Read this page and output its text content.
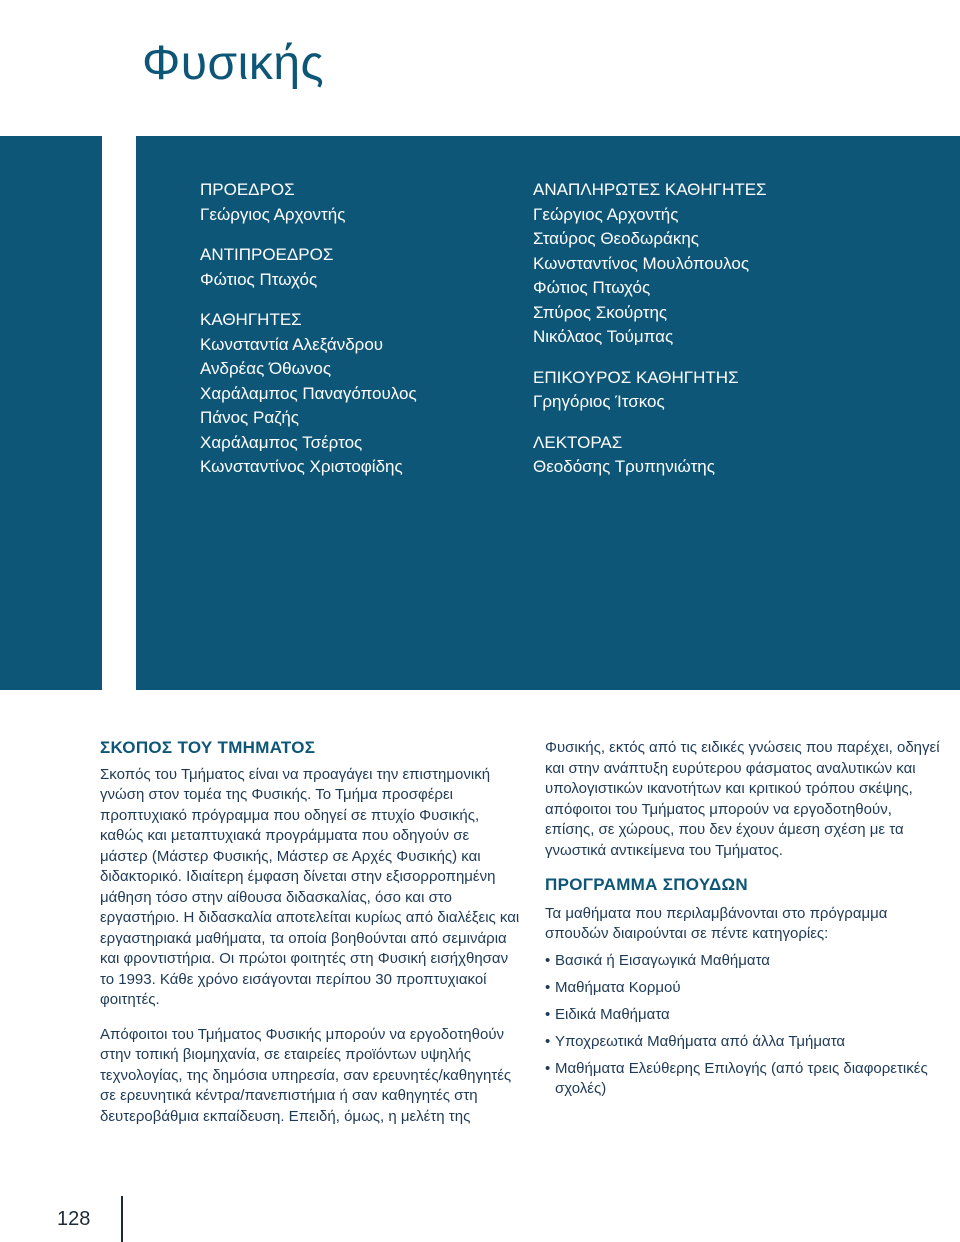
Φυσικής
ΠΡΟΕΔΡΟΣ
Γεώργιος Αρχοντής
ΑΝΤΙΠΡΟΕΔΡΟΣ
Φώτιος Πτωχός
ΚΑΘΗΓΗΤΕΣ
Κωνσταντία Αλεξάνδρου
Ανδρέας Όθωνος
Χαράλαμπος Παναγόπουλος
Πάνος Ραζής
Χαράλαμπος Τσέρτος
Κωνσταντίνος Χριστοφίδης
ΑΝΑΠΛΗΡΩΤΕΣ ΚΑΘΗΓΗΤΕΣ
Γεώργιος Αρχοντής
Σταύρος Θεοδωράκης
Κωνσταντίνος Μουλόπουλος
Φώτιος Πτωχός
Σπύρος Σκούρτης
Νικόλαος Τούμπας
ΕΠΙΚΟΥΡΟΣ ΚΑΘΗΓΗΤΗΣ
Γρηγόριος Ίτσκος
ΛΕΚΤΟΡΑΣ
Θεοδόσης Τρυπηνιώτης
ΣΚΟΠΟΣ ΤΟΥ ΤΜΗΜΑΤΟΣ

Σκοπός του Τμήματος είναι να προαγάγει την επιστημονική γνώση στον τομέα της Φυσικής. Το Τμήμα προσφέρει προπτυχιακό πρόγραμμα που οδηγεί σε πτυχίο Φυσικής, καθώς και μεταπτυχιακά προγράμματα που οδηγούν σε μάστερ (Μάστερ Φυσικής, Μάστερ σε Αρχές Φυσικής) και διδακτορικό. Ιδιαίτερη έμφαση δίνεται στην εξισορροπημένη μάθηση τόσο στην αίθουσα διδασκαλίας, όσο και στο εργαστήριο. Η διδασκαλία αποτελείται κυρίως από διαλέξεις και εργαστηριακά μαθήματα, τα οποία βοηθούνται από σεμινάρια και φροντιστήρια. Οι πρώτοι φοιτητές στη Φυσική εισήχθησαν το 1993. Κάθε χρόνο εισάγονται περίπου 30 προπτυχιακοί φοιτητές.

Απόφοιτοι του Τμήματος Φυσικής μπορούν να εργοδοτηθούν στην τοπική βιομηχανία, σε εταιρείες προϊόντων υψηλής τεχνολογίας, της δημόσια υπηρεσία, σαν ερευνητές/καθηγητές σε ερευνητικά κέντρα/πανεπιστήμια ή σαν καθηγητές στη δευτεροβάθμια εκπαίδευση. Επειδή, όμως, η μελέτη της

Φυσικής, εκτός από τις ειδικές γνώσεις που παρέχει, οδηγεί και στην ανάπτυξη ευρύτερου φάσματος αναλυτικών και υπολογιστικών ικανοτήτων και κριτικού τρόπου σκέψης, απόφοιτοι του Τμήματος μπορούν να εργοδοτηθούν, επίσης, σε χώρους, που δεν έχουν άμεση σχέση με τα γνωστικά αντικείμενα του Τμήματος.

ΠΡΟΓΡΑΜΜΑ ΣΠΟΥΔΩΝ

Τα μαθήματα που περιλαμβάνονται στο πρόγραμμα σπουδών διαιρούνται σε πέντε κατηγορίες:

• Βασικά ή Εισαγωγικά Μαθήματα
• Μαθήματα Κορμού
• Ειδικά Μαθήματα
• Υποχρεωτικά Μαθήματα από άλλα Τμήματα
• Μαθήματα Ελεύθερης Επιλογής (από τρεις διαφορετικές σχολές)
128
